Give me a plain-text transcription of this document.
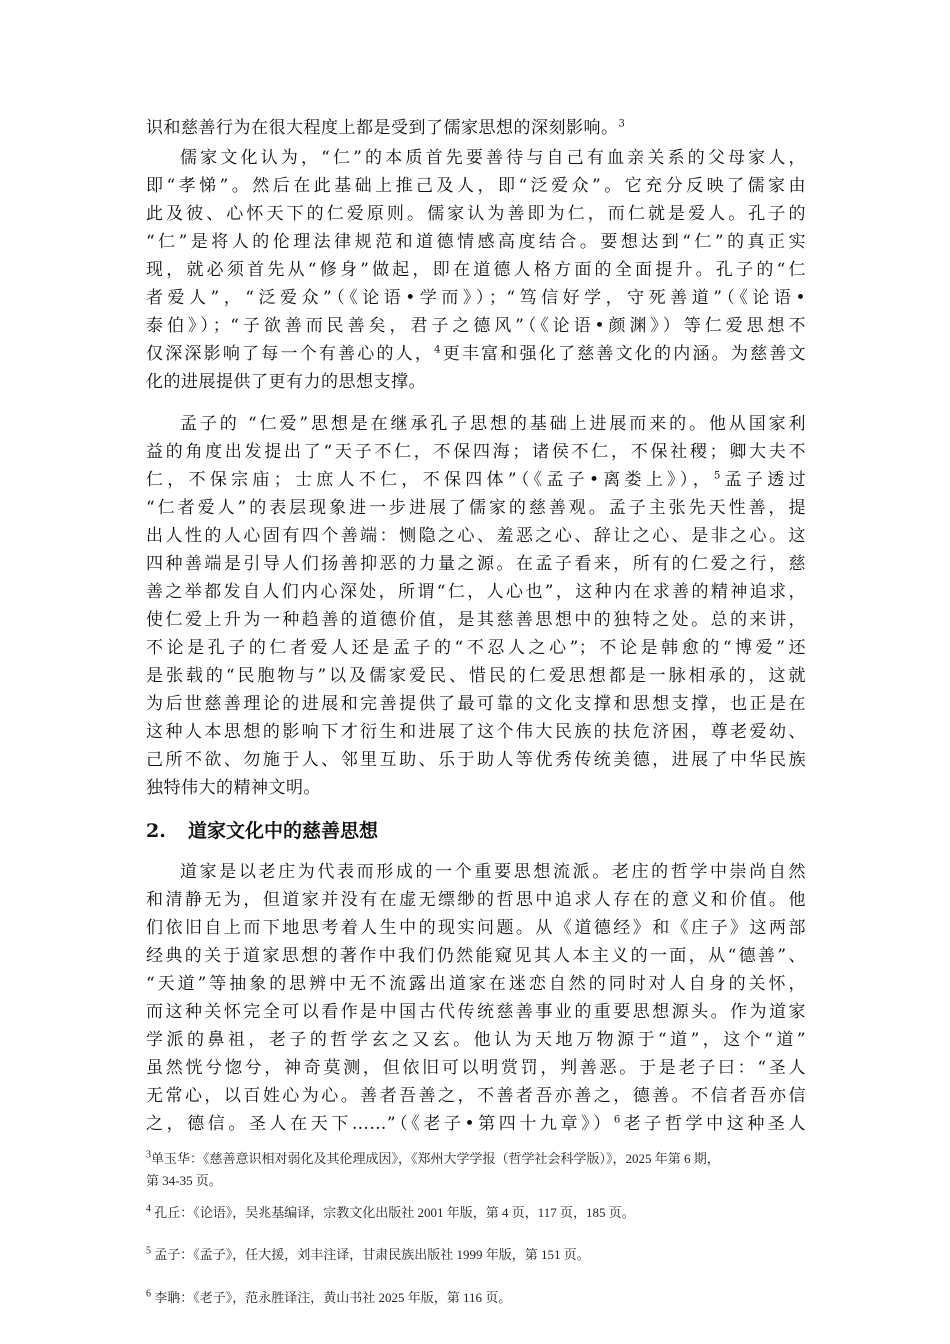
识和慈善行为在很大程度上都是受到了儒家思想的深刻影响。$^3$
儒家文化认为，“仁”的本质首先要善待与自己有血亲关系的父母家人，
即“孝悌”。然后在此基础上推己及人，即“泛爱众”。它充分反映了儒家由
此及彼、心怀天下的仁爱原则。儒家认为善即为仁，而仁就是爱人。孔子的
“仁”是将人的伦理法律规范和道德情感高度结合。要想达到“仁”的真正实
现，就必须首先从“修身”做起，即在道德人格方面的全面提升。孔子的“仁
者爱人”，“泛爱众”（《论语•学而》）；“笃信好学，守死善道”（《论语•
泰伯》）；“子欲善而民善矣，君子之德风”（《论语•颜渊》）等仁爱思想不
仅深深影响了每一个有善心的人，$^4$更丰富和强化了慈善文化的内涵。为慈善文
化的进展提供了更有力的思想支撑。
孟子的 “仁爱”思想是在继承孔子思想的基础上进展而来的。他从国家利
益的角度出发提出了“天子不仁，不保四海；诸侯不仁，不保社稷；卿大夫不
仁，不保宗庙；士庶人不仁，不保四体”（《孟子•离娄上》），$^5$孟子透过
“仁者爱人”的表层现象进一步进展了儒家的慈善观。孟子主张先天性善，提
出人性的人心固有四个善端：恻隐之心、羞恶之心、辞让之心、是非之心。这
四种善端是引导人们扬善抑恶的力量之源。在孟子看来，所有的仁爱之行，慈
善之举都发自人们内心深处，所谓“仁，人心也”，这种内在求善的精神追求，
使仁爱上升为一种趋善的道德价值，是其慈善思想中的独特之处。总的来讲，
不论是孔子的仁者爱人还是孟子的“不忍人之心”；不论是韩愈的“博爱”还
是张载的“民胞物与”以及儒家爱民、惜民的仁爱思想都是一脉相承的，这就
为后世慈善理论的进展和完善提供了最可靠的文化支撑和思想支撑，也正是在
这种人本思想的影响下才衍生和进展了这个伟大民族的扶危济困，尊老爱幼、
己所不欲、勿施于人、邻里互助、乐于助人等优秀传统美德，进展了中华民族
独特伟大的精神文明。
2. 道家文化中的慈善思想
道家是以老庄为代表而形成的一个重要思想流派。老庄的哲学中崇尚自然
和清静无为，但道家并没有在虚无缥缈的哲思中追求人存在的意义和价值。他
们依旧自上而下地思考着人生中的现实问题。从《道德经》和《庄子》这两部
经典的关于道家思想的著作中我们仍然能窥见其人本主义的一面，从“德善”、
“天道”等抽象的思辨中无不流露出道家在迷恋自然的同时对人自身的关怀，
而这种关怀完全可以看作是中国古代传统慈善事业的重要思想源头。作为道家
学派的鼻祖，老子的哲学玄之又玄。他认为天地万物源于“道”，这个“道”
虽然恍兮惚兮，神奇莫测，但依旧可以明赏罚，判善恶。于是老子曰：“圣人
无常心，以百姓心为心。善者吾善之，不善者吾亦善之，德善。不信者吾亦信
之，德信。圣人在天下……”（《老子•第四十九章》）$^6$老子哲学中这种圣人
$^3$单玉华：《慈善意识相对弱化及其伦理成因》，《郑州大学学报（哲学社会科学版）》，2025 年第 6 期，
第 34-35 页。
$^4$ 孔丘：《论语》，吴兆基编译，宗教文化出版社 2001 年版，第 4 页，117 页，185 页。
$^5$ 孟子：《孟子》，任大援，刘丰注译，甘肃民族出版社 1999 年版，第 151 页。
$^6$ 李聃：《老子》，范永胜译注，黄山书社 2025 年版，第 116 页。
